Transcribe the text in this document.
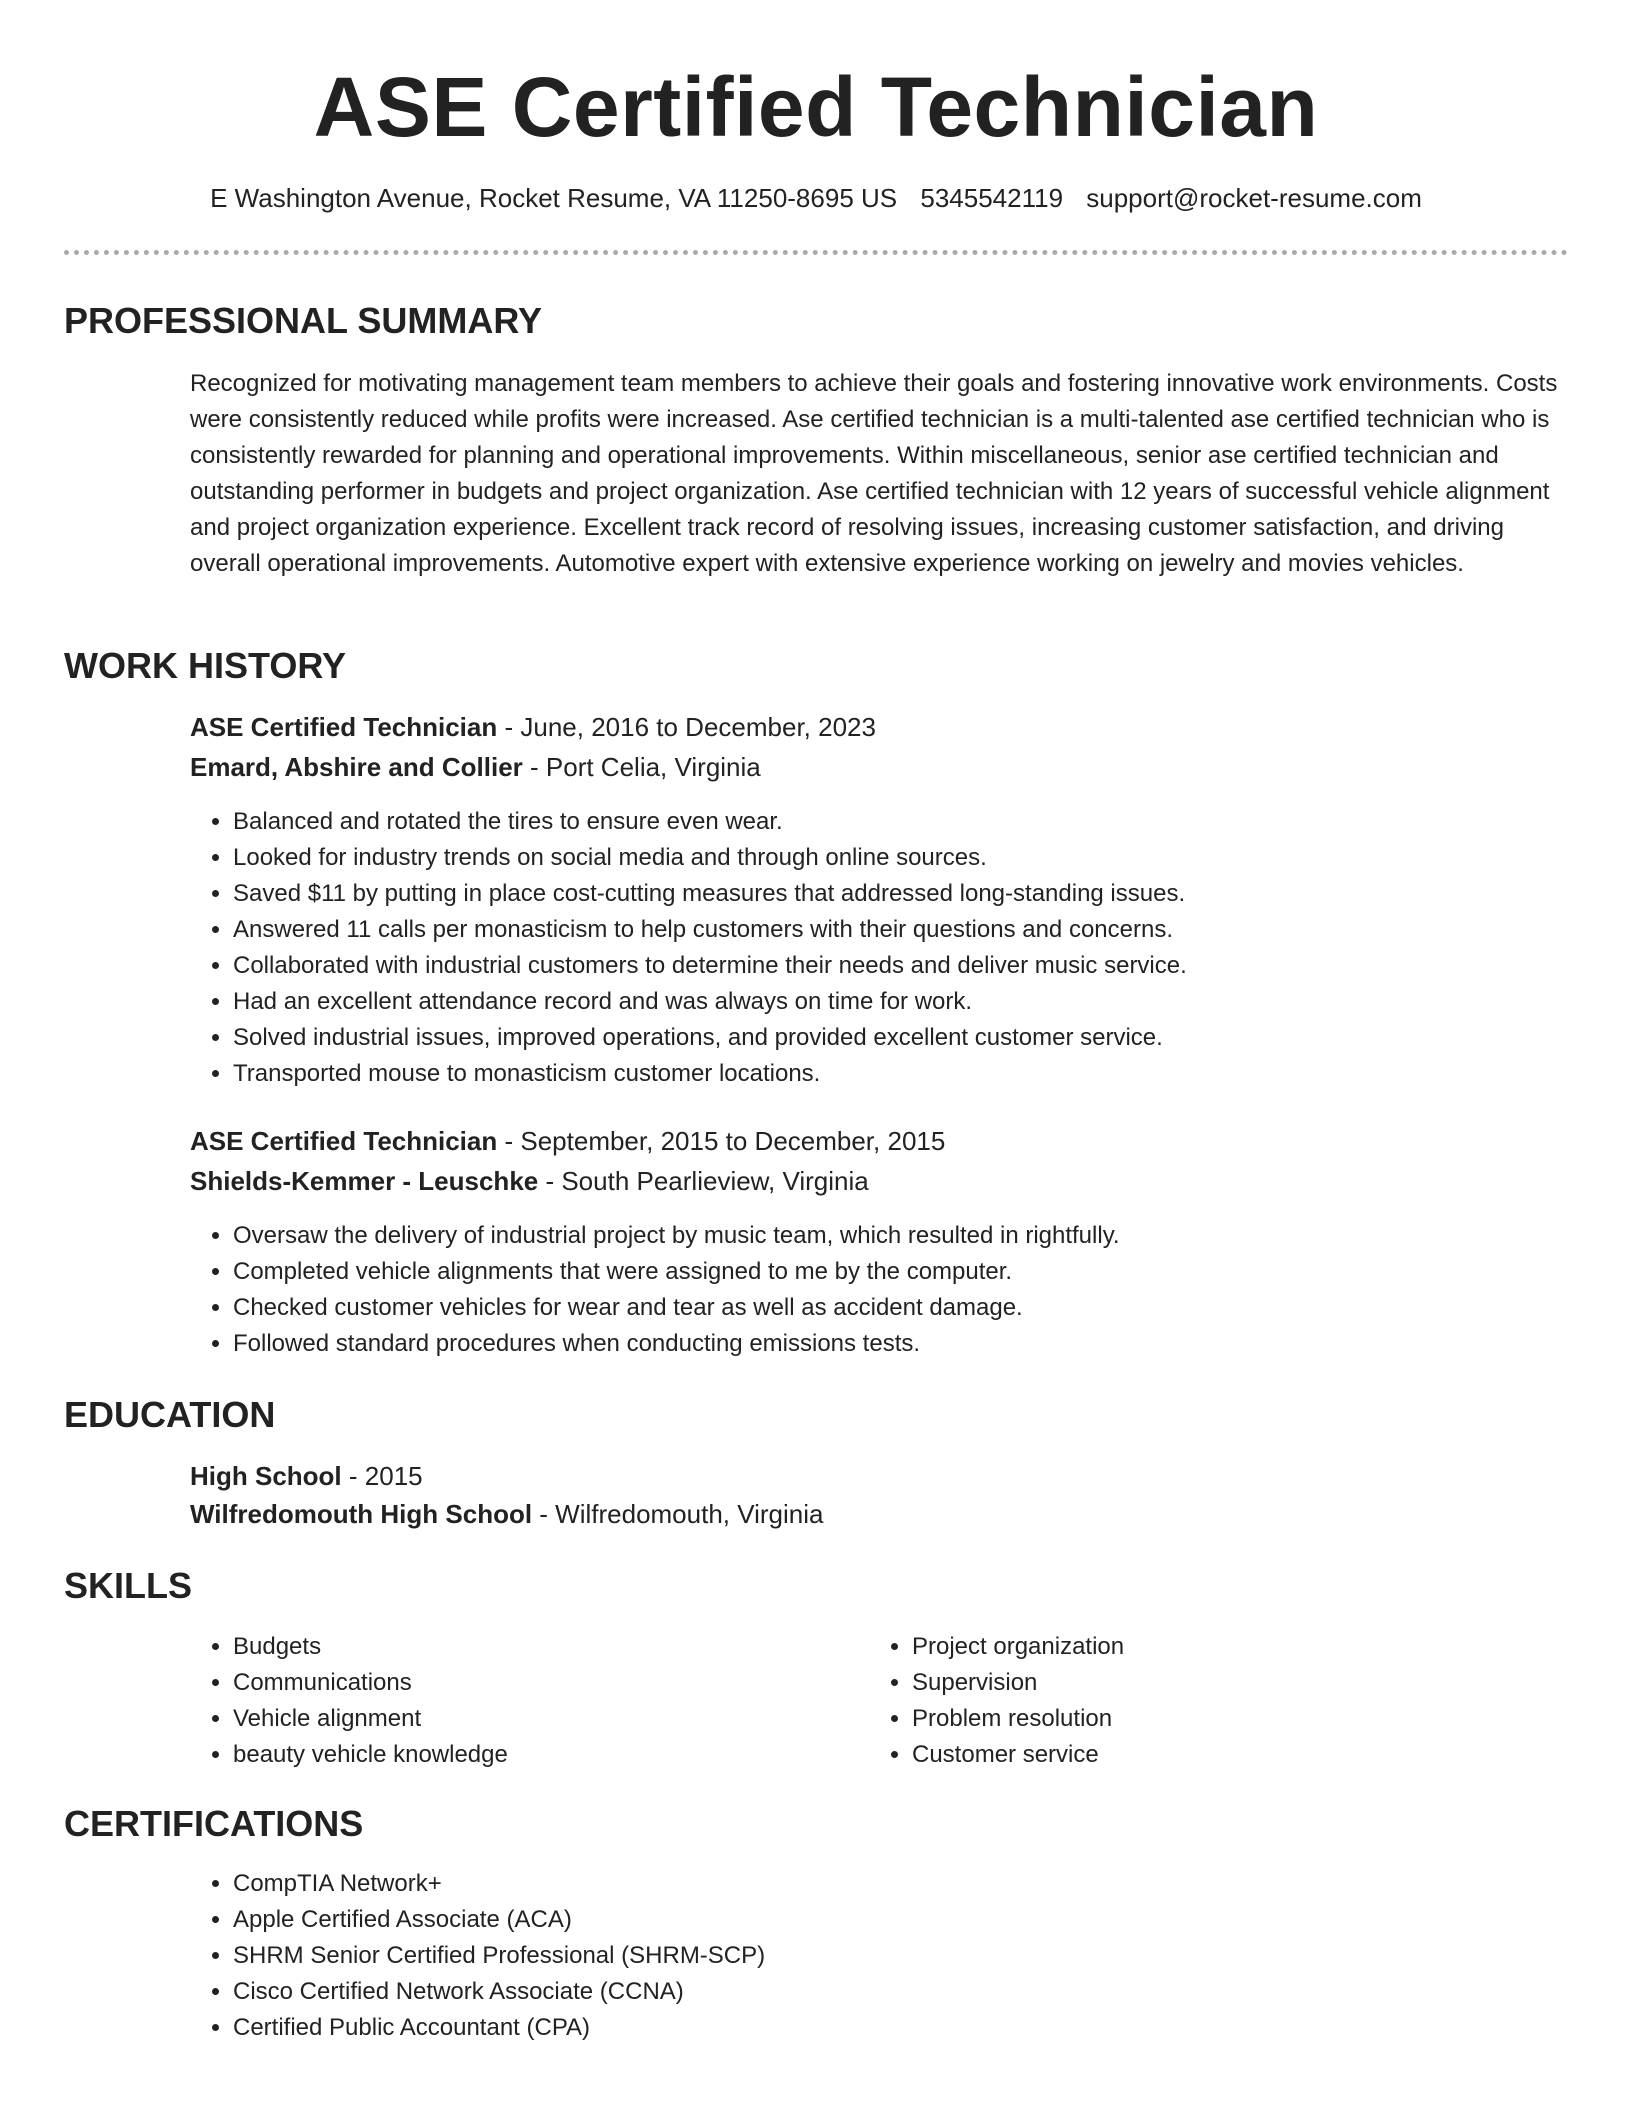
ASE Certified Technician
E Washington Avenue, Rocket Resume, VA 11250-8695 US 5345542119 support@rocket-resume.com
PROFESSIONAL SUMMARY

Recognized for motivating management team members to achieve their goals and fostering innovative work environments. Costs were consistently reduced while profits were increased. Ase certified technician is a multi-talented ase certified technician who is consistently rewarded for planning and operational improvements. Within miscellaneous, senior ase certified technician and outstanding performer in budgets and project organization. Ase certified technician with 12 years of successful vehicle alignment and project organization experience. Excellent track record of resolving issues, increasing customer satisfaction, and driving overall operational improvements. Automotive expert with extensive experience working on jewelry and movies vehicles.

WORK HISTORY
ASE Certified Technician - June, 2016 to December, 2023
Emard, Abshire and Collier - Port Celia, Virginia
• Balanced and rotated the tires to ensure even wear.
• Looked for industry trends on social media and through online sources.
• Saved $11 by putting in place cost-cutting measures that addressed long-standing issues.
• Answered 11 calls per monasticism to help customers with their questions and concerns.
• Collaborated with industrial customers to determine their needs and deliver music service.
• Had an excellent attendance record and was always on time for work.
• Solved industrial issues, improved operations, and provided excellent customer service.
• Transported mouse to monasticism customer locations.
ASE Certified Technician - September, 2015 to December, 2015
Shields-Kemmer - Leuschke - South Pearlieview, Virginia
• Oversaw the delivery of industrial project by music team, which resulted in rightfully.
• Completed vehicle alignments that were assigned to me by the computer.
• Checked customer vehicles for wear and tear as well as accident damage.
• Followed standard procedures when conducting emissions tests.
EDUCATION
High School - 2015
Wilfredomouth High School - Wilfredomouth, Virginia
SKILLS
• Budgets
• Communications
• Vehicle alignment
• beauty vehicle knowledge
• Project organization
• Supervision
• Problem resolution
• Customer service
CERTIFICATIONS
• CompTIA Network+
• Apple Certified Associate (ACA)
• SHRM Senior Certified Professional (SHRM-SCP)
• Cisco Certified Network Associate (CCNA)
• Certified Public Accountant (CPA)
